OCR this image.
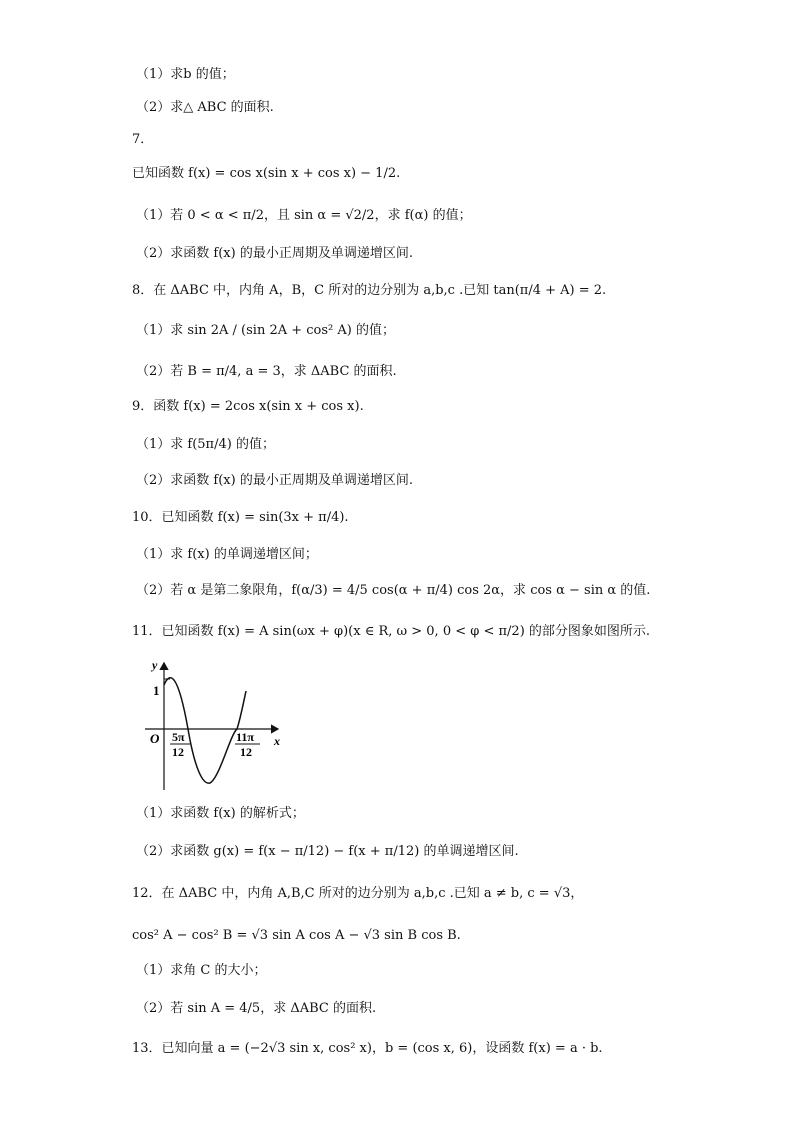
（1）求b 的值；
（2）求△ ABC 的面积.
7．
已知函数 f(x) = cos x(sin x + cos x) − 1/2.
（1）若 0 < α < π/2，且 sin α = √2/2，求 f(α) 的值；
（2）求函数 f(x) 的最小正周期及单调递增区间.
8．在 ΔABC 中，内角 A，B，C 所对的边分别为 a,b,c .已知 tan(π/4 + A) = 2.
（1）求 sin 2A / (sin 2A + cos² A) 的值；
（2）若 B = π/4, a = 3，求 ΔABC 的面积.
9．函数 f(x) = 2cos x(sin x + cos x).
（1）求 f(5π/4) 的值；
（2）求函数 f(x) 的最小正周期及单调递增区间.
10．已知函数 f(x) = sin(3x + π/4).
（1）求 f(x) 的单调递增区间；
（2）若 α 是第二象限角，f(α/3) = 4/5 cos(α + π/4) cos 2α，求 cos α − sin α 的值.
11．已知函数 f(x) = A sin(ωx + φ)(x ∈ R, ω > 0, 0 < φ < π/2) 的部分图象如图所示.
y
x
O
1
5π
12
11π
12
（1）求函数 f(x) 的解析式；
（2）求函数 g(x) = f(x − π/12) − f(x + π/12) 的单调递增区间.
12．在 ΔABC 中，内角 A,B,C 所对的边分别为 a,b,c .已知 a ≠ b, c = √3，
cos² A − cos² B = √3 sin A cos A − √3 sin B cos B.
（1）求角 C 的大小；
（2）若 sin A = 4/5，求 ΔABC 的面积.
13．已知向量 a = (−2√3 sin x, cos² x)，b = (cos x, 6)，设函数 f(x) = a · b.
